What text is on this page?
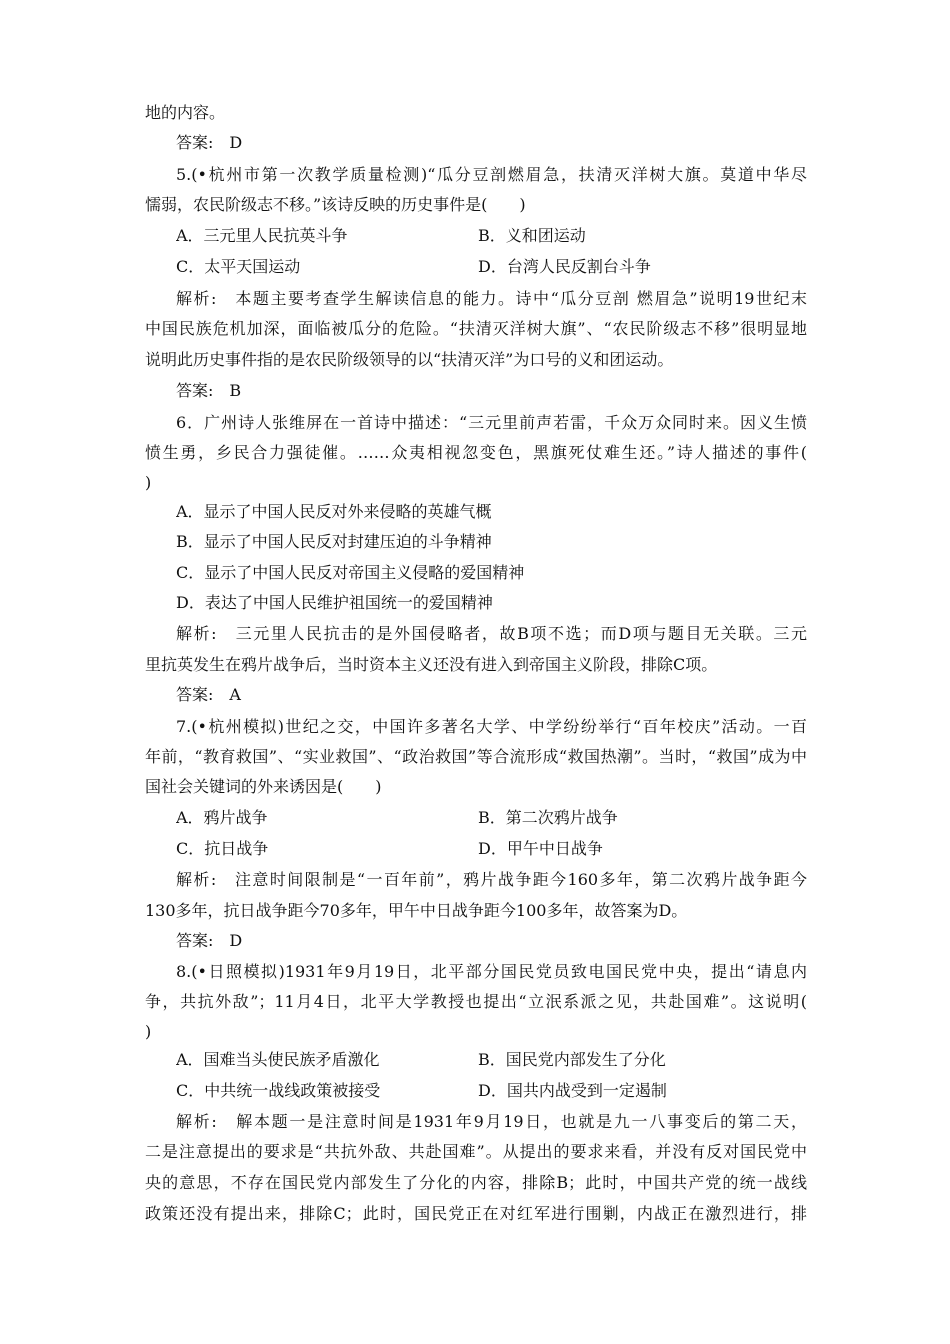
地的内容。
答案:　D
5.(•杭州市第一次教学质量检测)“瓜分豆剖燃眉急，扶清灭洋树大旗。莫道中华尽
懦弱，农民阶级志不移。”该诗反映的历史事件是(　　)
A．三元里人民抗英斗争	B．义和团运动
C．太平天国运动	D．台湾人民反割台斗争
解析:　本题主要考查学生解读信息的能力。诗中“瓜分豆剖 燃眉急”说明19世纪末
中国民族危机加深，面临被瓜分的危险。“扶清灭洋树大旗”、“农民阶级志不移”很明显地
说明此历史事件指的是农民阶级领导的以“扶清灭洋”为口号的义和团运动。
答案:　B
6．广州诗人张维屏在一首诗中描述：“三元里前声若雷，千众万众同时来。因义生愤
愤生勇，乡民合力强徒催。……众夷相视忽变色，黑旗死仗难生还。”诗人描述的事件(
)
A．显示了中国人民反对外来侵略的英雄气概
B．显示了中国人民反对封建压迫的斗争精神
C．显示了中国人民反对帝国主义侵略的爱国精神
D．表达了中国人民维护祖国统一的爱国精神
解析:　三元里人民抗击的是外国侵略者，故B项不选；而D项与题目无关联。三元
里抗英发生在鸦片战争后，当时资本主义还没有进入到帝国主义阶段，排除C项。
答案:　A
7.(•杭州模拟)世纪之交，中国许多著名大学、中学纷纷举行“百年校庆”活动。一百
年前，“教育救国”、“实业救国”、“政治救国”等合流形成“救国热潮”。当时，“救国”成为中
国社会关键词的外来诱因是(　　)
A．鸦片战争	B．第二次鸦片战争
C．抗日战争	D．甲午中日战争
解析:　注意时间限制是“一百年前”，鸦片战争距今160多年，第二次鸦片战争距今
130多年，抗日战争距今70多年，甲午中日战争距今100多年，故答案为D。
答案:　D
8.(•日照模拟)1931年9月19日，北平部分国民党员致电国民党中央，提出“请息内
争，共抗外敌”；11月4日，北平大学教授也提出“立泯系派之见，共赴国难”。这说明(
)
A．国难当头使民族矛盾激化	B．国民党内部发生了分化
C．中共统一战线政策被接受	D．国共内战受到一定遏制
解析:　解本题一是注意时间是1931年9月19日，也就是九一八事变后的第二天，
二是注意提出的要求是“共抗外敌、共赴国难”。从提出的要求来看，并没有反对国民党中
央的意思，不存在国民党内部发生了分化的内容，排除B；此时，中国共产党的统一战线
政策还没有提出来，排除C；此时，国民党正在对红军进行围剿，内战正在激烈进行，排
